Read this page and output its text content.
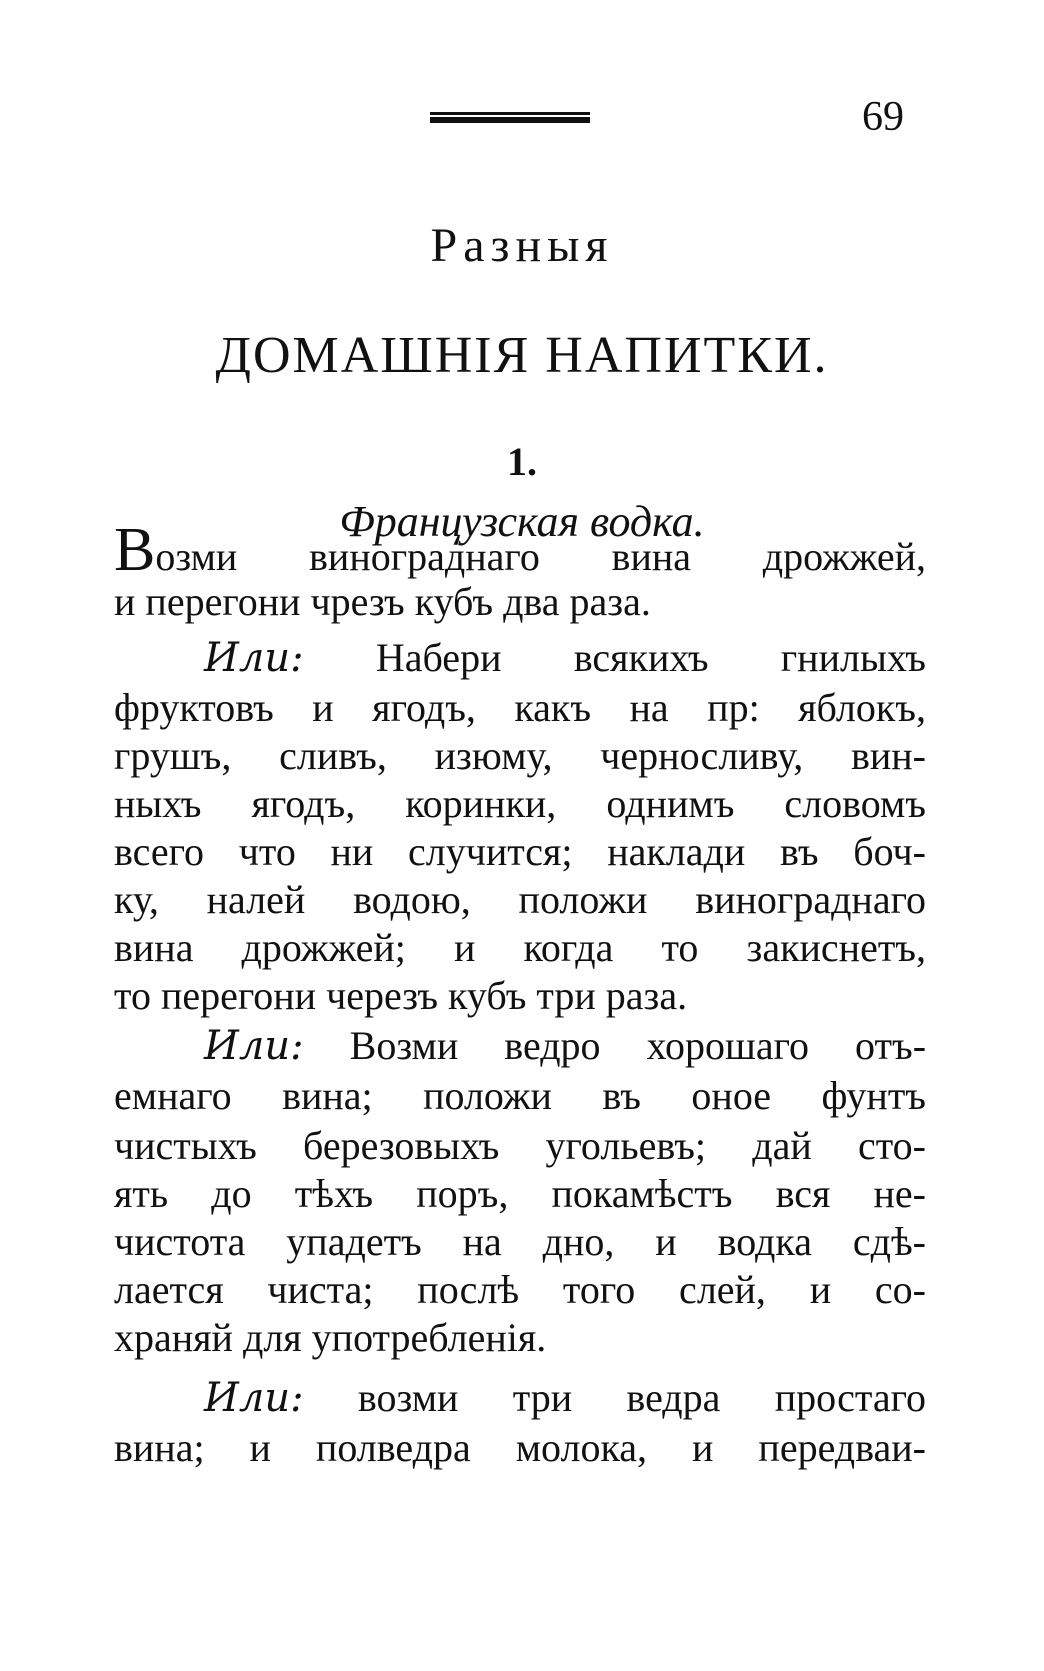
69
Разныя
ДОМАШНІЯ НАПИТКИ.
1.
Французская водка.
Возми винограднаго вина дрожжей,
и перегони чрезъ кубъ два раза.
Или: Набери всякихъ гнилыхъ
фруктовъ и ягодъ, какъ на пр: яблокъ,
грушъ, сливъ, изюму, черносливу, вин-
ныхъ ягодъ, коринки, однимъ словомъ
всего что ни случится; наклади въ боч-
ку, налей водою, положи винограднаго
вина дрожжей; и когда то закиснетъ,
то перегони черезъ кубъ три раза.
Или: Возми ведро хорошаго отъ-
емнаго вина; положи въ оное фунтъ
чистыхъ березовыхъ угольевъ; дай сто-
ять до тѣхъ поръ, покамѣстъ вся не-
чистота упадетъ на дно, и водка сдѣ-
лается чиста; послѣ того слей, и со-
храняй для употребленія.
Или: возми три ведра простаго
вина; и полведра молока, и передваи-
